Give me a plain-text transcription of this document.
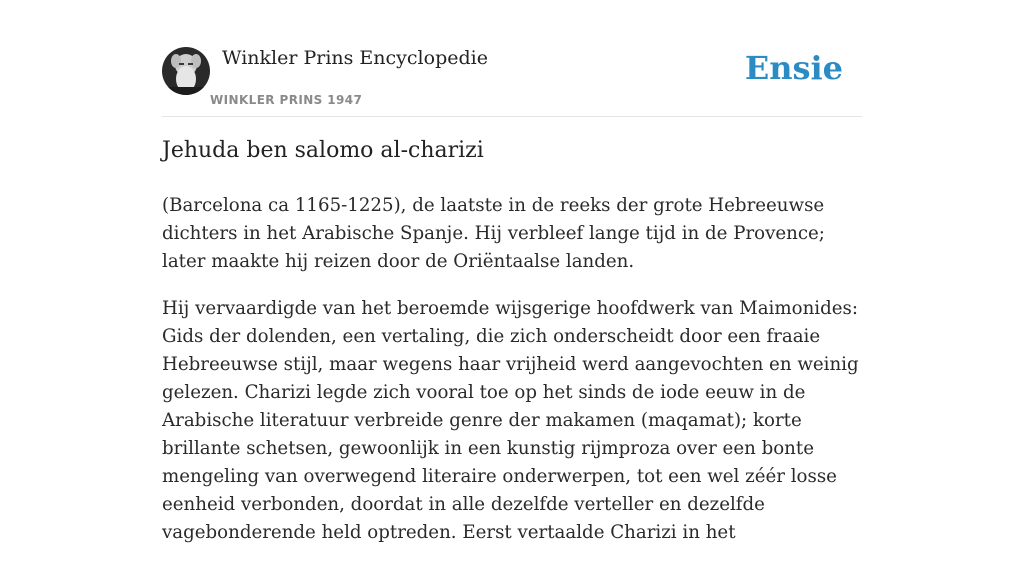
Winkler Prins Encyclopedie
WINKLER PRINS 1947
Ensie
Jehuda ben salomo al-charizi

(Barcelona ca 1165-1225), de laatste in de reeks der grote Hebreeuwse dichters in het Arabische Spanje. Hij verbleef lange tijd in de Provence; later maakte hij reizen door de Oriëntaalse landen.

Hij vervaardigde van het beroemde wijsgerige hoofdwerk van Maimonides: Gids der dolenden, een vertaling, die zich onderscheidt door een fraaie Hebreeuwse stijl, maar wegens haar vrijheid werd aangevochten en weinig gelezen. Charizi legde zich vooral toe op het sinds de iode eeuw in de Arabische literatuur verbreide genre der makamen (maqamat); korte brillante schetsen, gewoonlijk in een kunstig rijmproza over een bonte mengeling van overwegend literaire onderwerpen, tot een wel zéér losse eenheid verbonden, doordat in alle dezelfde verteller en dezelfde vagebonderende held optreden. Eerst vertaalde Charizi in het
